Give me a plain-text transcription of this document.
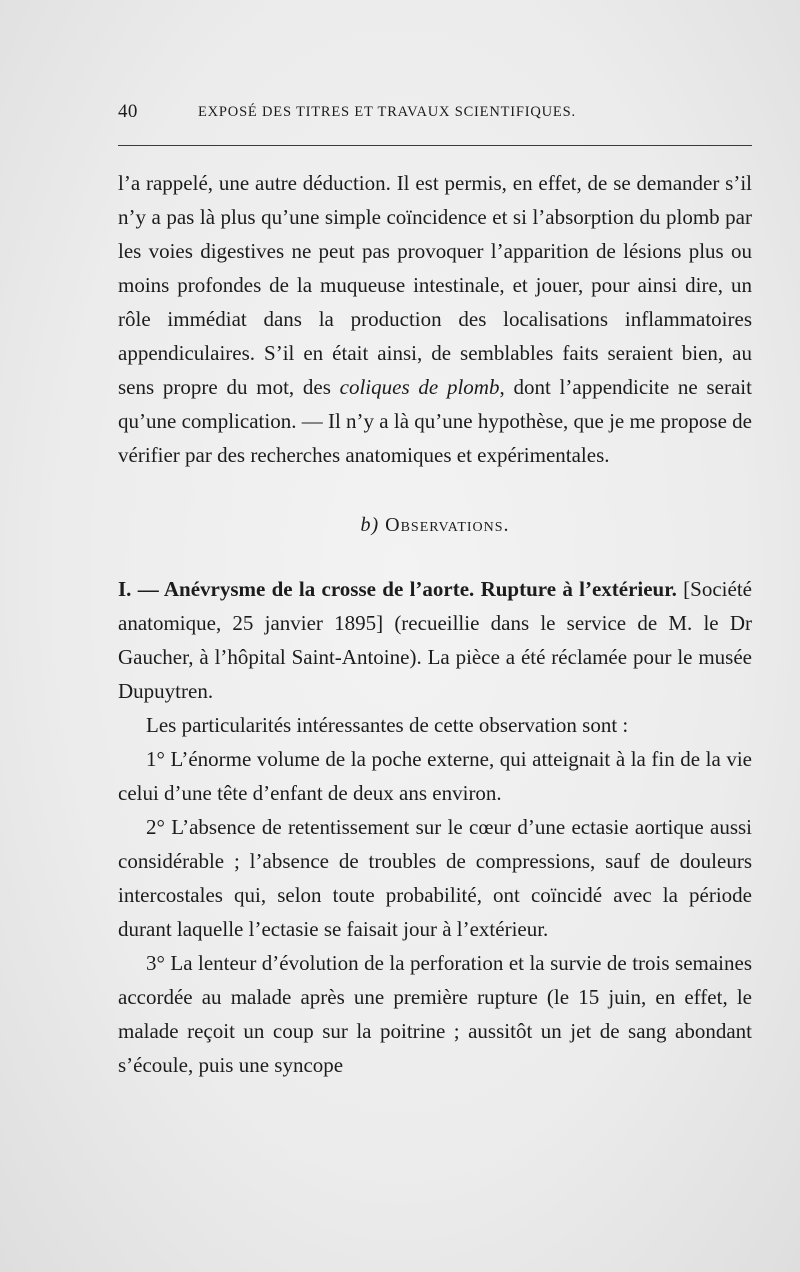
40	EXPOSÉ DES TITRES ET TRAVAUX SCIENTIFIQUES.

l’a rappelé, une autre déduction. Il est permis, en effet, de se demander s’il n’y a pas là plus qu’une simple coïncidence et si l’absorption du plomb par les voies digestives ne peut pas provoquer l’apparition de lésions plus ou moins profondes de la muqueuse intestinale, et jouer, pour ainsi dire, un rôle immédiat dans la production des localisations inflammatoires appendiculaires. S’il en était ainsi, de semblables faits seraient bien, au sens propre du mot, des coliques de plomb, dont l’appendicite ne serait qu’une complication. — Il n’y a là qu’une hypothèse, que je me propose de vérifier par des recherches anatomiques et expérimentales.

b) Observations.

I. — Anévrysme de la crosse de l’aorte. Rupture à l’extérieur. [Société anatomique, 25 janvier 1895] (recueillie dans le service de M. le Dr Gaucher, à l’hôpital Saint-Antoine). La pièce a été réclamée pour le musée Dupuytren.

Les particularités intéressantes de cette observation sont :

1° L’énorme volume de la poche externe, qui atteignait à la fin de la vie celui d’une tête d’enfant de deux ans environ.

2° L’absence de retentissement sur le cœur d’une ectasie aortique aussi considérable ; l’absence de troubles de compressions, sauf de douleurs intercostales qui, selon toute probabilité, ont coïncidé avec la période durant laquelle l’ectasie se faisait jour à l’extérieur.

3° La lenteur d’évolution de la perforation et la survie de trois semaines accordée au malade après une première rupture (le 15 juin, en effet, le malade reçoit un coup sur la poitrine ; aussitôt un jet de sang abondant s’écoule, puis une syncope
